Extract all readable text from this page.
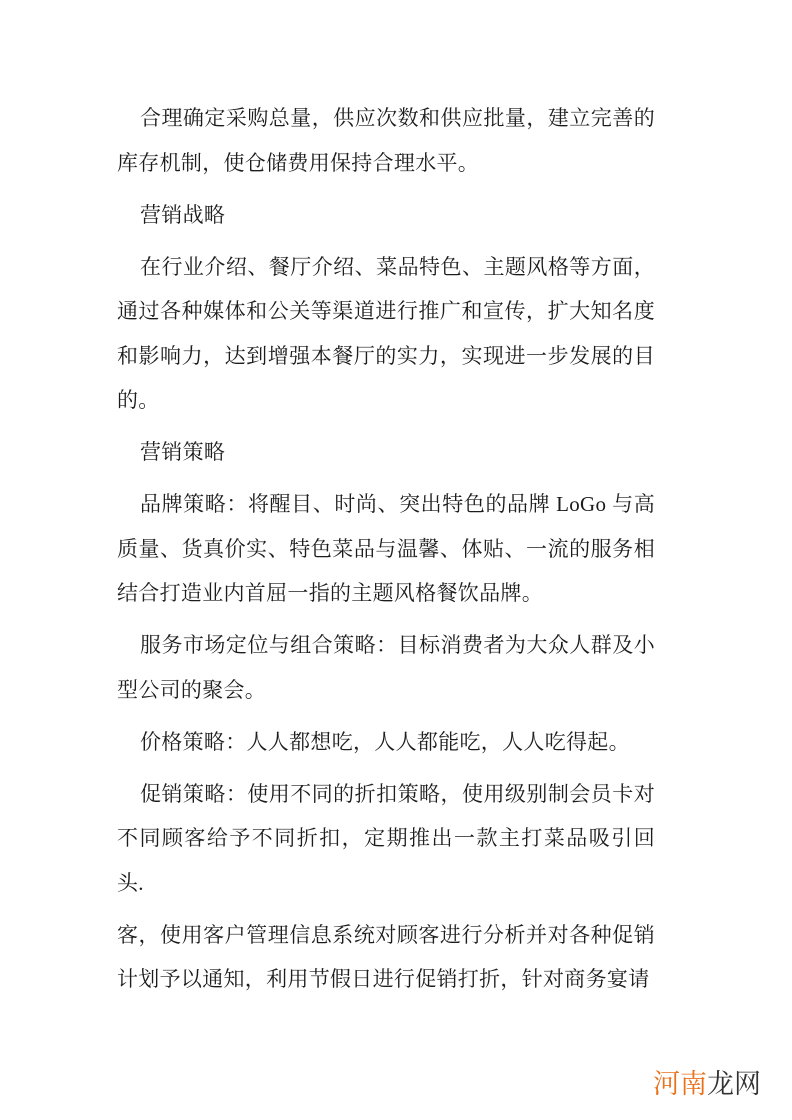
合理确定采购总量，供应次数和供应批量，建立完善的库存机制，使仓储费用保持合理水平。

营销战略

在行业介绍、餐厅介绍、菜品特色、主题风格等方面，通过各种媒体和公关等渠道进行推广和宣传，扩大知名度和影响力，达到增强本餐厅的实力，实现进一步发展的目的。

营销策略

品牌策略：将醒目、时尚、突出特色的品牌 LoGo 与高质量、货真价实、特色菜品与温馨、体贴、一流的服务相结合打造业内首屈一指的主题风格餐饮品牌。

服务市场定位与组合策略：目标消费者为大众人群及小型公司的聚会。

价格策略：人人都想吃，人人都能吃，人人吃得起。

促销策略：使用不同的折扣策略，使用级别制会员卡对不同顾客给予不同折扣，定期推出一款主打菜品吸引回头.

客，使用客户管理信息系统对顾客进行分析并对各种促销计划予以通知，利用节假日进行促销打折，针对商务宴请

河南龙网
